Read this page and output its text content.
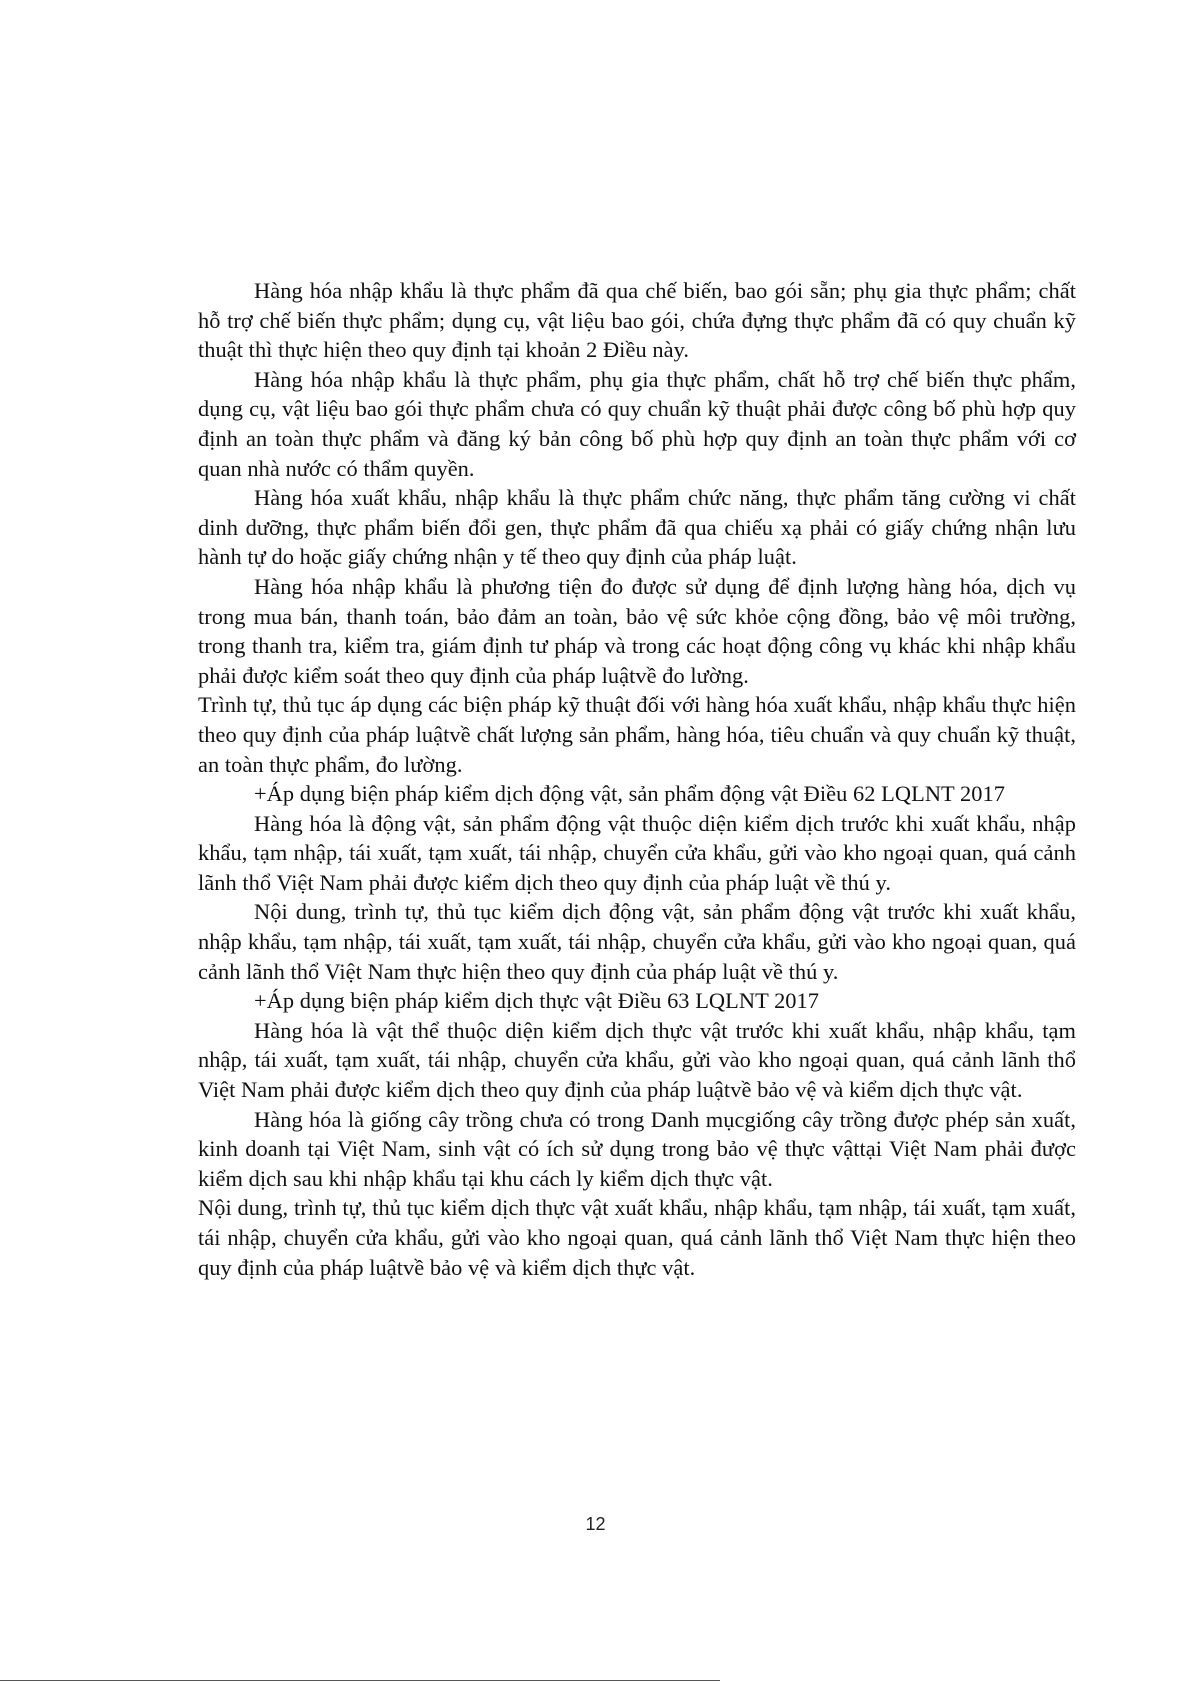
Hàng hóa nhập khẩu là thực phẩm đã qua chế biến, bao gói sẵn; phụ gia thực phẩm; chất hỗ trợ chế biến thực phẩm; dụng cụ, vật liệu bao gói, chứa đựng thực phẩm đã có quy chuẩn kỹ thuật thì thực hiện theo quy định tại khoản 2 Điều này.

Hàng hóa nhập khẩu là thực phẩm, phụ gia thực phẩm, chất hỗ trợ chế biến thực phẩm, dụng cụ, vật liệu bao gói thực phẩm chưa có quy chuẩn kỹ thuật phải được công bố phù hợp quy định an toàn thực phẩm và đăng ký bản công bố phù hợp quy định an toàn thực phẩm với cơ quan nhà nước có thẩm quyền.

Hàng hóa xuất khẩu, nhập khẩu là thực phẩm chức năng, thực phẩm tăng cường vi chất dinh dưỡng, thực phẩm biến đổi gen, thực phẩm đã qua chiếu xạ phải có giấy chứng nhận lưu hành tự do hoặc giấy chứng nhận y tế theo quy định của pháp luật.

Hàng hóa nhập khẩu là phương tiện đo được sử dụng để định lượng hàng hóa, dịch vụ trong mua bán, thanh toán, bảo đảm an toàn, bảo vệ sức khỏe cộng đồng, bảo vệ môi trường, trong thanh tra, kiểm tra, giám định tư pháp và trong các hoạt động công vụ khác khi nhập khẩu phải được kiểm soát theo quy định của pháp luậtvề đo lường.

Trình tự, thủ tục áp dụng các biện pháp kỹ thuật đối với hàng hóa xuất khẩu, nhập khẩu thực hiện theo quy định của pháp luậtvề chất lượng sản phẩm, hàng hóa, tiêu chuẩn và quy chuẩn kỹ thuật, an toàn thực phẩm, đo lường.

+Áp dụng biện pháp kiểm dịch động vật, sản phẩm động vật Điều 62 LQLNT 2017

Hàng hóa là động vật, sản phẩm động vật thuộc diện kiểm dịch trước khi xuất khẩu, nhập khẩu, tạm nhập, tái xuất, tạm xuất, tái nhập, chuyển cửa khẩu, gửi vào kho ngoại quan, quá cảnh lãnh thổ Việt Nam phải được kiểm dịch theo quy định của pháp luật về thú y.

Nội dung, trình tự, thủ tục kiểm dịch động vật, sản phẩm động vật trước khi xuất khẩu, nhập khẩu, tạm nhập, tái xuất, tạm xuất, tái nhập, chuyển cửa khẩu, gửi vào kho ngoại quan, quá cảnh lãnh thổ Việt Nam thực hiện theo quy định của pháp luật về thú y.

+Áp dụng biện pháp kiểm dịch thực vật Điều 63 LQLNT 2017

Hàng hóa là vật thể thuộc diện kiểm dịch thực vật trước khi xuất khẩu, nhập khẩu, tạm nhập, tái xuất, tạm xuất, tái nhập, chuyển cửa khẩu, gửi vào kho ngoại quan, quá cảnh lãnh thổ Việt Nam phải được kiểm dịch theo quy định của pháp luậtvề bảo vệ và kiểm dịch thực vật.

Hàng hóa là giống cây trồng chưa có trong Danh mụcgiống cây trồng được phép sản xuất, kinh doanh tại Việt Nam, sinh vật có ích sử dụng trong bảo vệ thực vậttại Việt Nam phải được kiểm dịch sau khi nhập khẩu tại khu cách ly kiểm dịch thực vật.

Nội dung, trình tự, thủ tục kiểm dịch thực vật xuất khẩu, nhập khẩu, tạm nhập, tái xuất, tạm xuất, tái nhập, chuyển cửa khẩu, gửi vào kho ngoại quan, quá cảnh lãnh thổ Việt Nam thực hiện theo quy định của pháp luậtvề bảo vệ và kiểm dịch thực vật.

12
